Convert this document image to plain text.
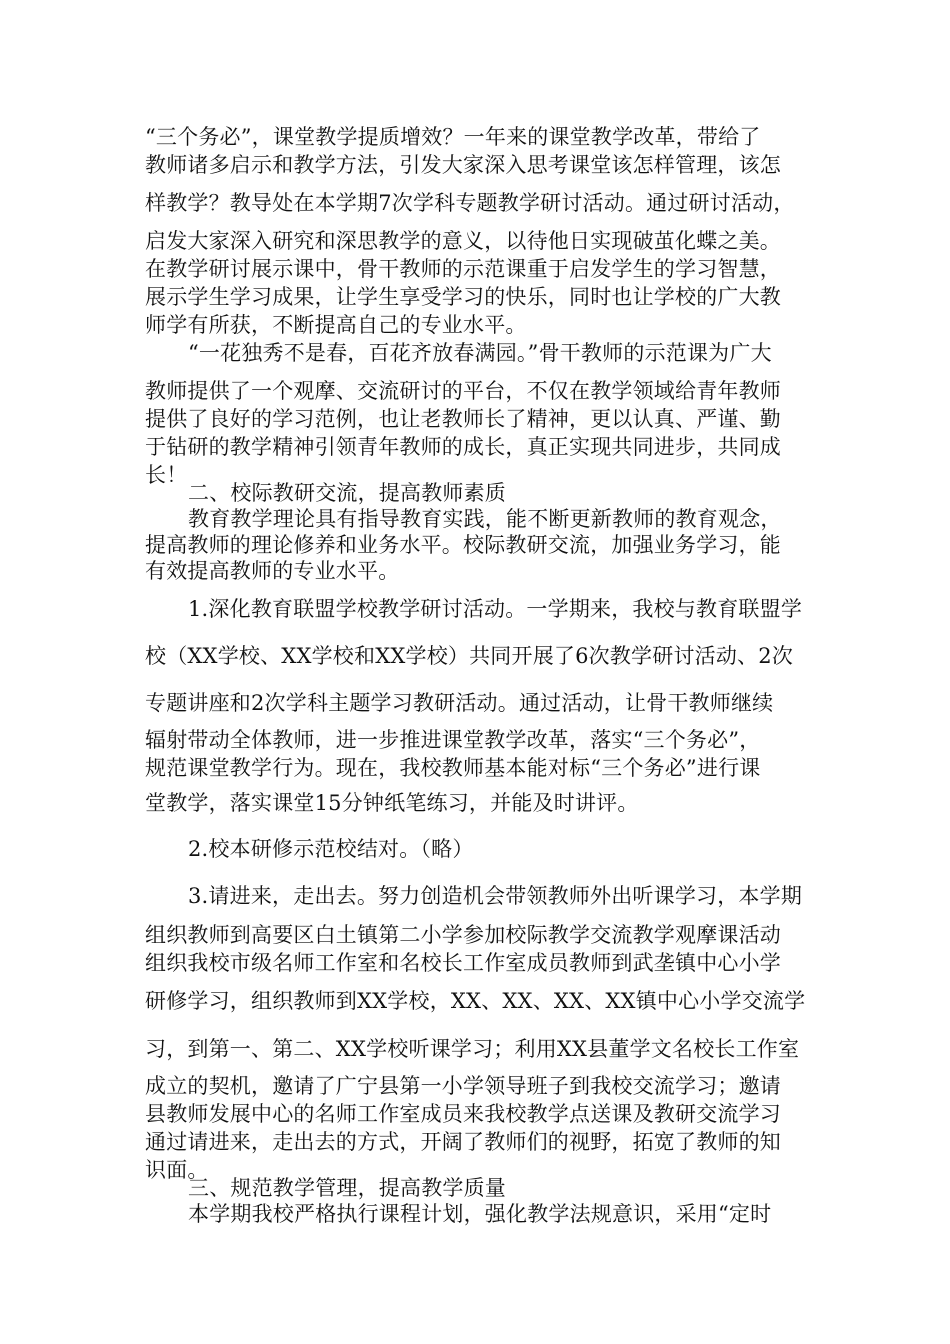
“三个务必”，课堂教学提质增效？一年来的课堂教学改革，带给了
教师诸多启示和教学方法，引发大家深入思考课堂该怎样管理，该怎
样教学？教导处在本学期7次学科专题教学研讨活动。通过研讨活动，
启发大家深入研究和深思教学的意义，以待他日实现破茧化蝶之美。
在教学研讨展示课中，骨干教师的示范课重于启发学生的学习智慧，
展示学生学习成果，让学生享受学习的快乐，同时也让学校的广大教
师学有所获，不断提高自己的专业水平。
“一花独秀不是春，百花齐放春满园。”骨干教师的示范课为广大
教师提供了一个观摩、交流研讨的平台，不仅在教学领域给青年教师
提供了良好的学习范例，也让老教师长了精神，更以认真、严谨、勤
于钻研的教学精神引领青年教师的成长，真正实现共同进步，共同成
长！
二、校际教研交流，提高教师素质
教育教学理论具有指导教育实践，能不断更新教师的教育观念，
提高教师的理论修养和业务水平。校际教研交流，加强业务学习，能
有效提高教师的专业水平。
1.深化教育联盟学校教学研讨活动。一学期来，我校与教育联盟学
校（XX学校、XX学校和XX学校）共同开展了6次教学研讨活动、2次
专题讲座和2次学科主题学习教研活动。通过活动，让骨干教师继续
辐射带动全体教师，进一步推进课堂教学改革，落实“三个务必”，
规范课堂教学行为。现在，我校教师基本能对标“三个务必”进行课
堂教学，落实课堂15分钟纸笔练习，并能及时讲评。
2.校本研修示范校结对。（略）
3.请进来，走出去。努力创造机会带领教师外出听课学习，本学期
组织教师到高要区白土镇第二小学参加校际教学交流教学观摩课活动
组织我校市级名师工作室和名校长工作室成员教师到武垄镇中心小学
研修学习，组织教师到XX学校，XX、XX、XX、XX镇中心小学交流学
习，到第一、第二、XX学校听课学习；利用XX县董学文名校长工作室
成立的契机，邀请了广宁县第一小学领导班子到我校交流学习；邀请
县教师发展中心的名师工作室成员来我校教学点送课及教研交流学习
通过请进来，走出去的方式，开阔了教师们的视野，拓宽了教师的知
识面。
三、规范教学管理，提高教学质量
本学期我校严格执行课程计划，强化教学法规意识，采用“定时
